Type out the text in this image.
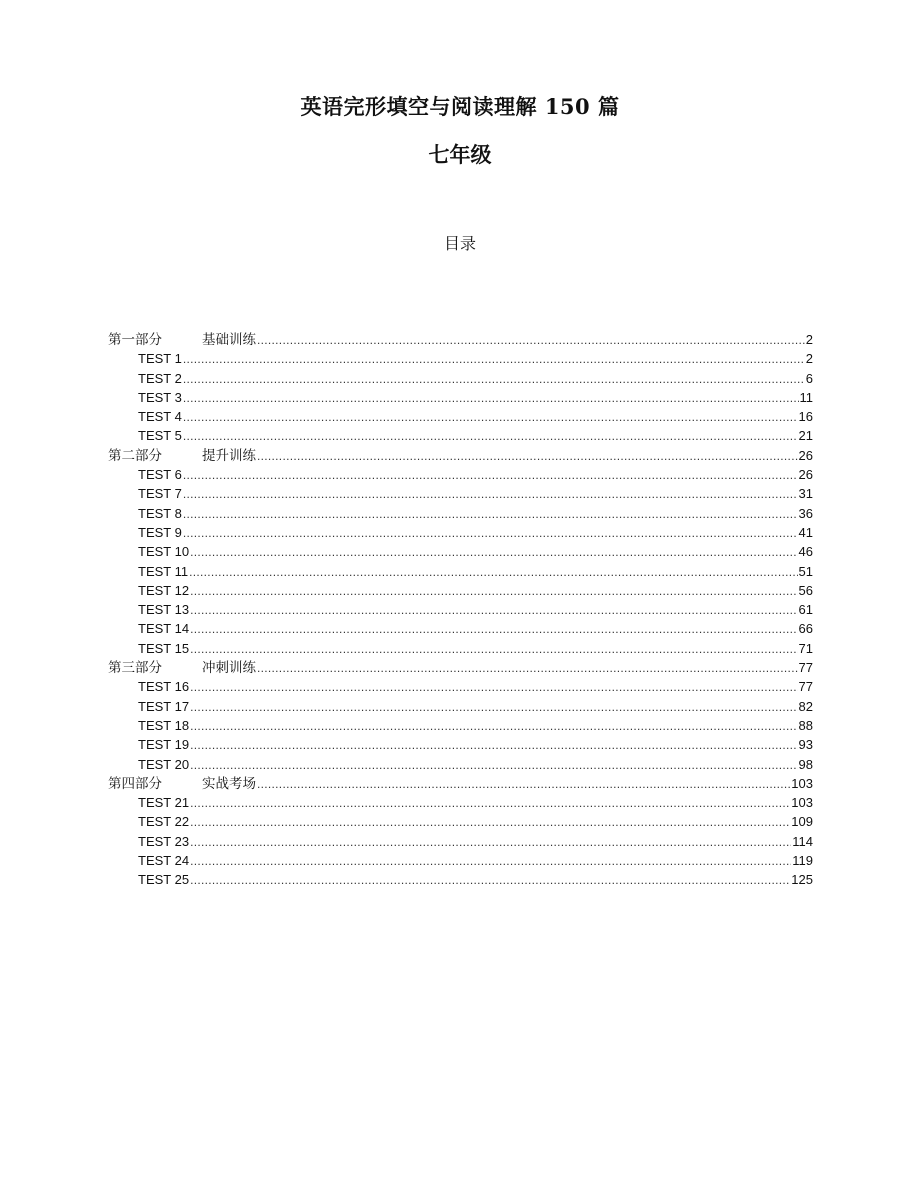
英语完形填空与阅读理解 150 篇
七年级
目录
第一部分	基础训练 .....	2
TEST 1 .....	2
TEST 2 .....	6
TEST 3 .....	11
TEST 4 .....	16
TEST 5 .....	21
第二部分	提升训练 .....	26
TEST 6 .....	26
TEST 7 .....	31
TEST 8 .....	36
TEST 9 .....	41
TEST 10 .....	46
TEST 11 .....	51
TEST 12 .....	56
TEST 13 .....	61
TEST 14 .....	66
TEST 15 .....	71
第三部分	冲刺训练 .....	77
TEST 16 .....	77
TEST 17 .....	82
TEST 18 .....	88
TEST 19 .....	93
TEST 20 .....	98
第四部分	实战考场 .....	103
TEST 21 .....	103
TEST 22 .....	109
TEST 23 .....	114
TEST 24 .....	119
TEST 25 .....	125
